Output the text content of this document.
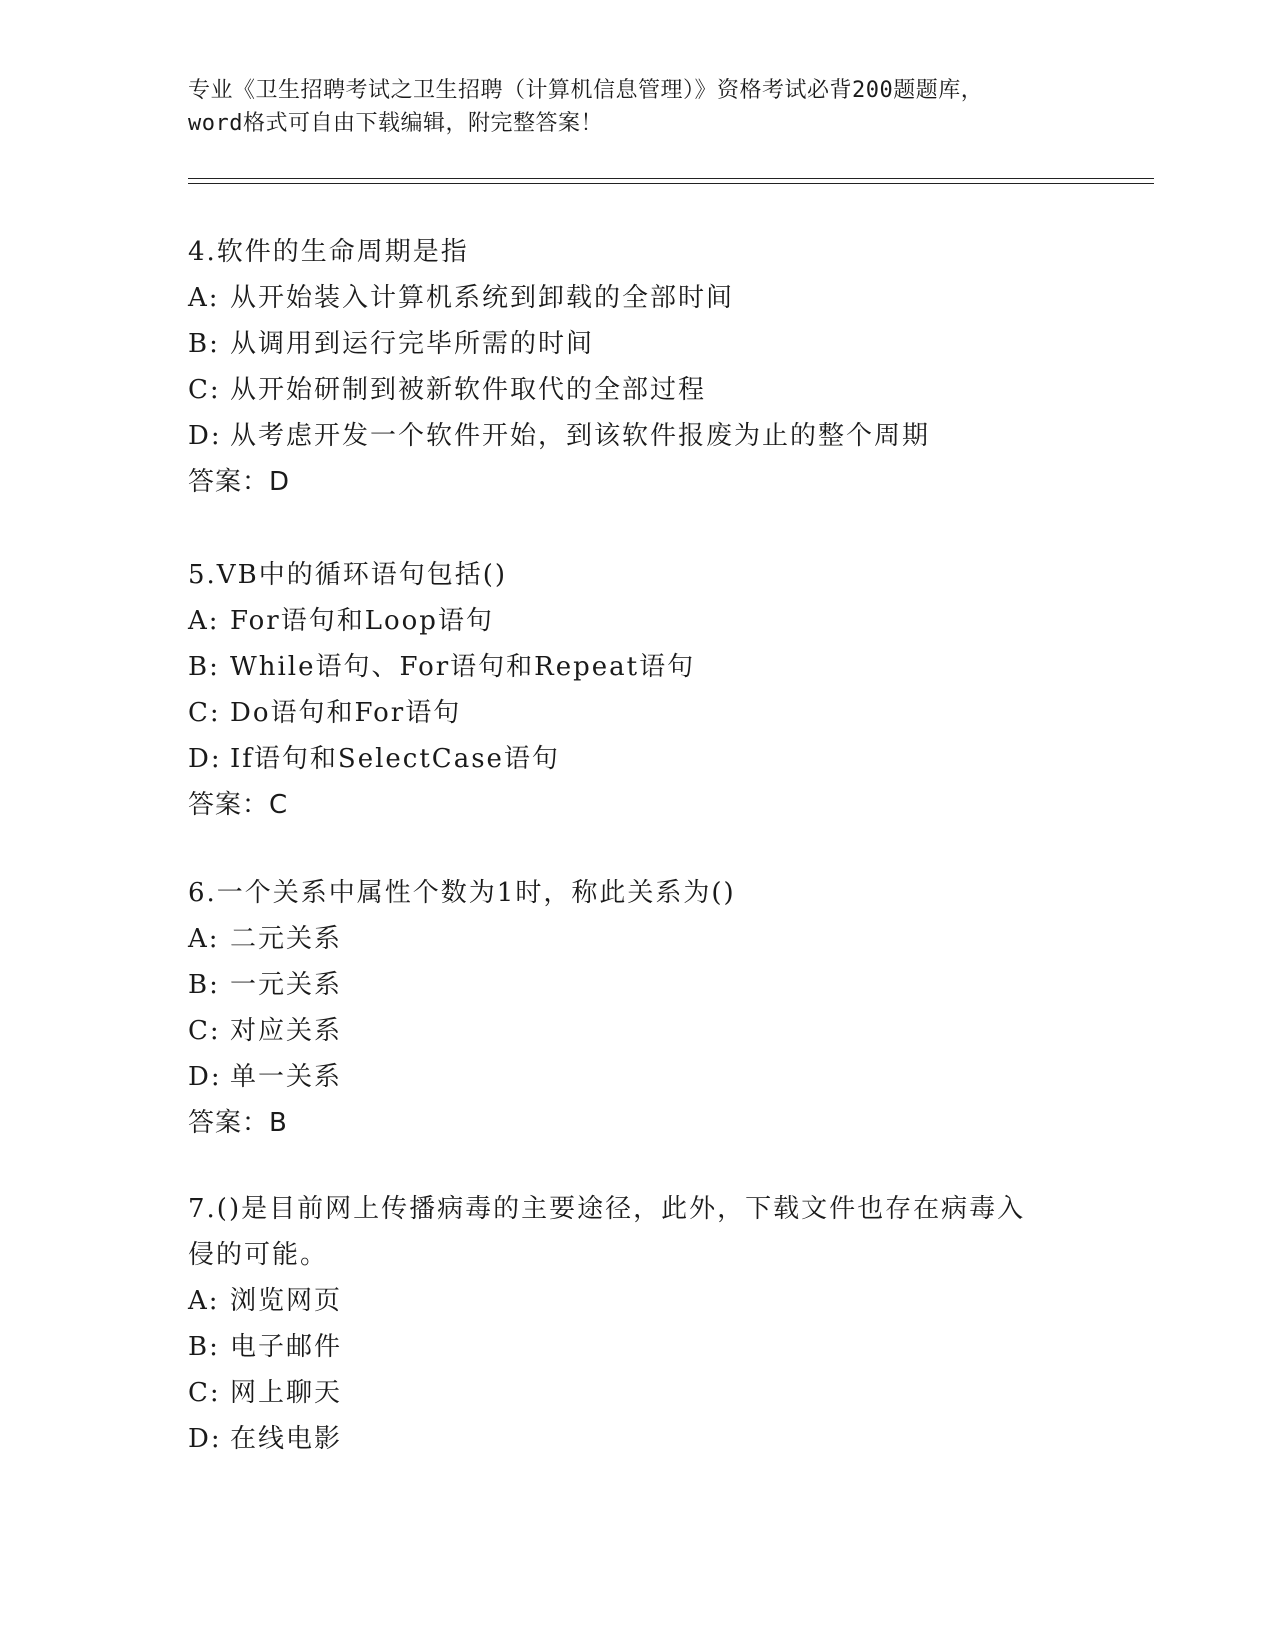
专业《卫生招聘考试之卫生招聘（计算机信息管理）》资格考试必背200题题库，
word格式可自由下载编辑，附完整答案！
4.软件的生命周期是指
A: 从开始装入计算机系统到卸载的全部时间
B: 从调用到运行完毕所需的时间
C: 从开始研制到被新软件取代的全部过程
D: 从考虑开发一个软件开始，到该软件报废为止的整个周期
答案：D
5.VB中的循环语句包括()
A: For语句和Loop语句
B: While语句、For语句和Repeat语句
C: Do语句和For语句
D: If语句和SelectCase语句
答案：C
6.一个关系中属性个数为1时，称此关系为()
A: 二元关系
B: 一元关系
C: 对应关系
D: 单一关系
答案：B
7.()是目前网上传播病毒的主要途径，此外，下载文件也存在病毒入
侵的可能。
A: 浏览网页
B: 电子邮件
C: 网上聊天
D: 在线电影
